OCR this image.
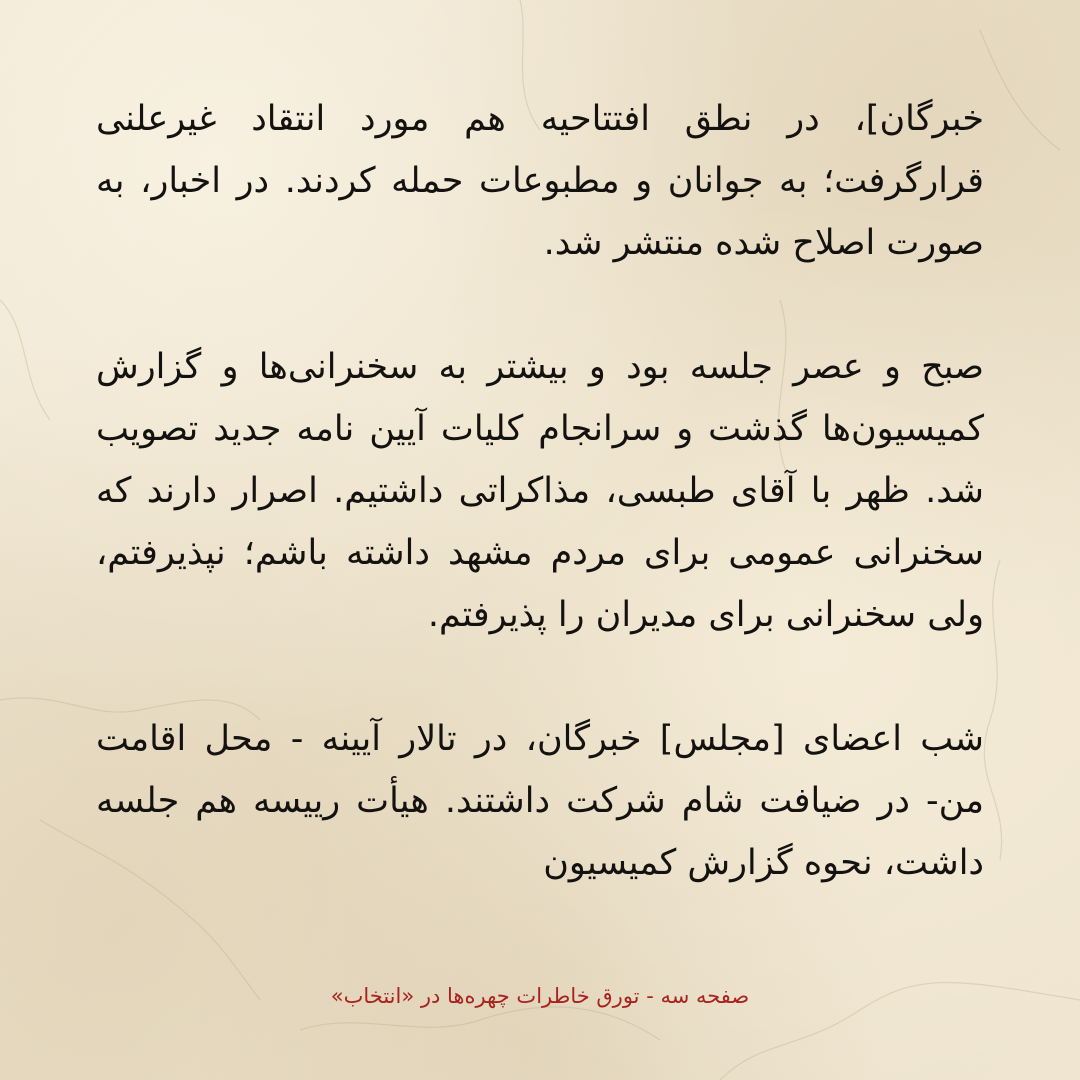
خبرگان]، در نطق افتتاحیه هم مورد انتقاد غیرعلنی قرارگرفت؛ به جوانان و مطبوعات حمله کردند. در اخبار، به صورت اصلاح شده منتشر شد.

صبح و عصر جلسه بود و بیشتر به سخنرانی‌ها و گزارش کمیسیون‌ها گذشت و سرانجام کلیات آیین نامه جدید تصویب شد. ظهر با آقای طبسی، مذاکراتی داشتیم. اصرار دارند که سخنرانی عمومی برای مردم مشهد داشته باشم؛ نپذیرفتم، ولی سخنرانی برای مدیران را پذیرفتم.

شب اعضای [مجلس] خبرگان، در تالار آیینه - محل اقامت من- در ضیافت شام شرکت داشتند. هیأت رییسه هم جلسه داشت، نحوه گزارش کمیسیون

صفحه سه - تورق خاطرات چهره‌ها در «انتخاب»
